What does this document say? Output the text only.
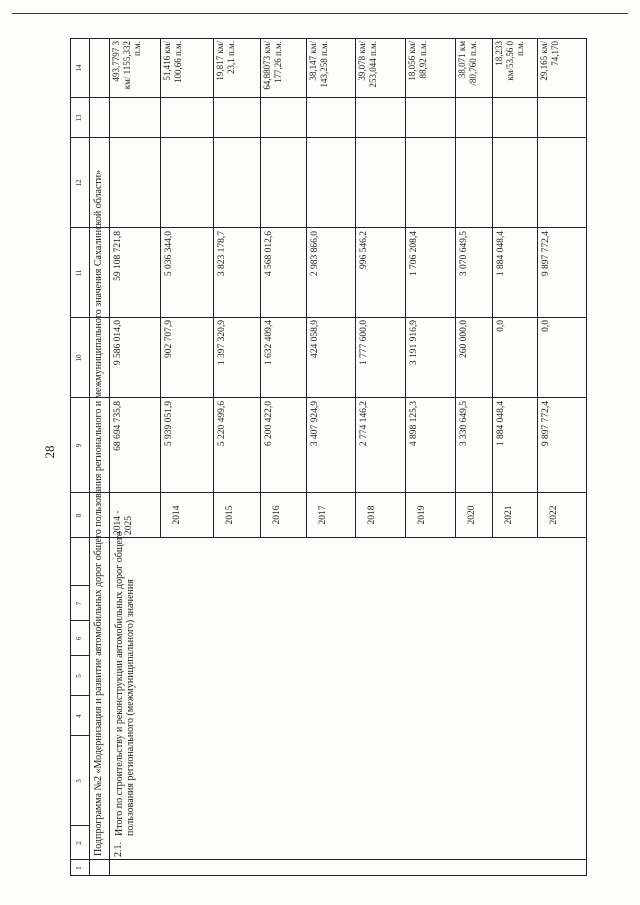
28
1
2
3
4
5
6
7
8
9
10
11
12
13
14
Подпрограмма №2 «Модернизация и развитие автомобильных дорог общего пользования регионального и межмуниципального значения Сахалинской области» 2.1.
Итого по строительству и реконструкции автомобильных дорог общего пользования регионального (межмуниципального) значения
2014 - 2025
68 694 735,8
9 586 014,0
59 108 721,8
493,7797 3 км/ 1155,332 п.м.
2014
5 939 051,9
902 707,9
5 036 344,0
51,416 км/ 100,66 п.м.
2015
5 220 499,6
1 397 320,9
3 823 178,7
19,817 км/ 23,1 п.м.
2016
6 200 422,0
1 632 409,4
4 568 012,6
64,88073 км/ 177,26 п.м.
2017
3 407 924,9
424 058,9
2 983 866,0
38,147 км/ 143,258 п.м.
2018
2 774 146,2
1 777 600,0
996 546,2
39,078 км/ 253,044 п.м.
2019
4 898 125,3
3 191 916,9
1 706 208,4
18,056 км/ 88,92 п.м.
2020
3 330 649,5
260 000,0
3 070 649,5
38,071 км /80,760 п.м.
2021
1 884 048,4
0,0
1 884 048,4
18,233 км/53,56 0 п.м.
2022
9 897 772,4
0,0
9 897 772,4
29,165 км/ 74,170
